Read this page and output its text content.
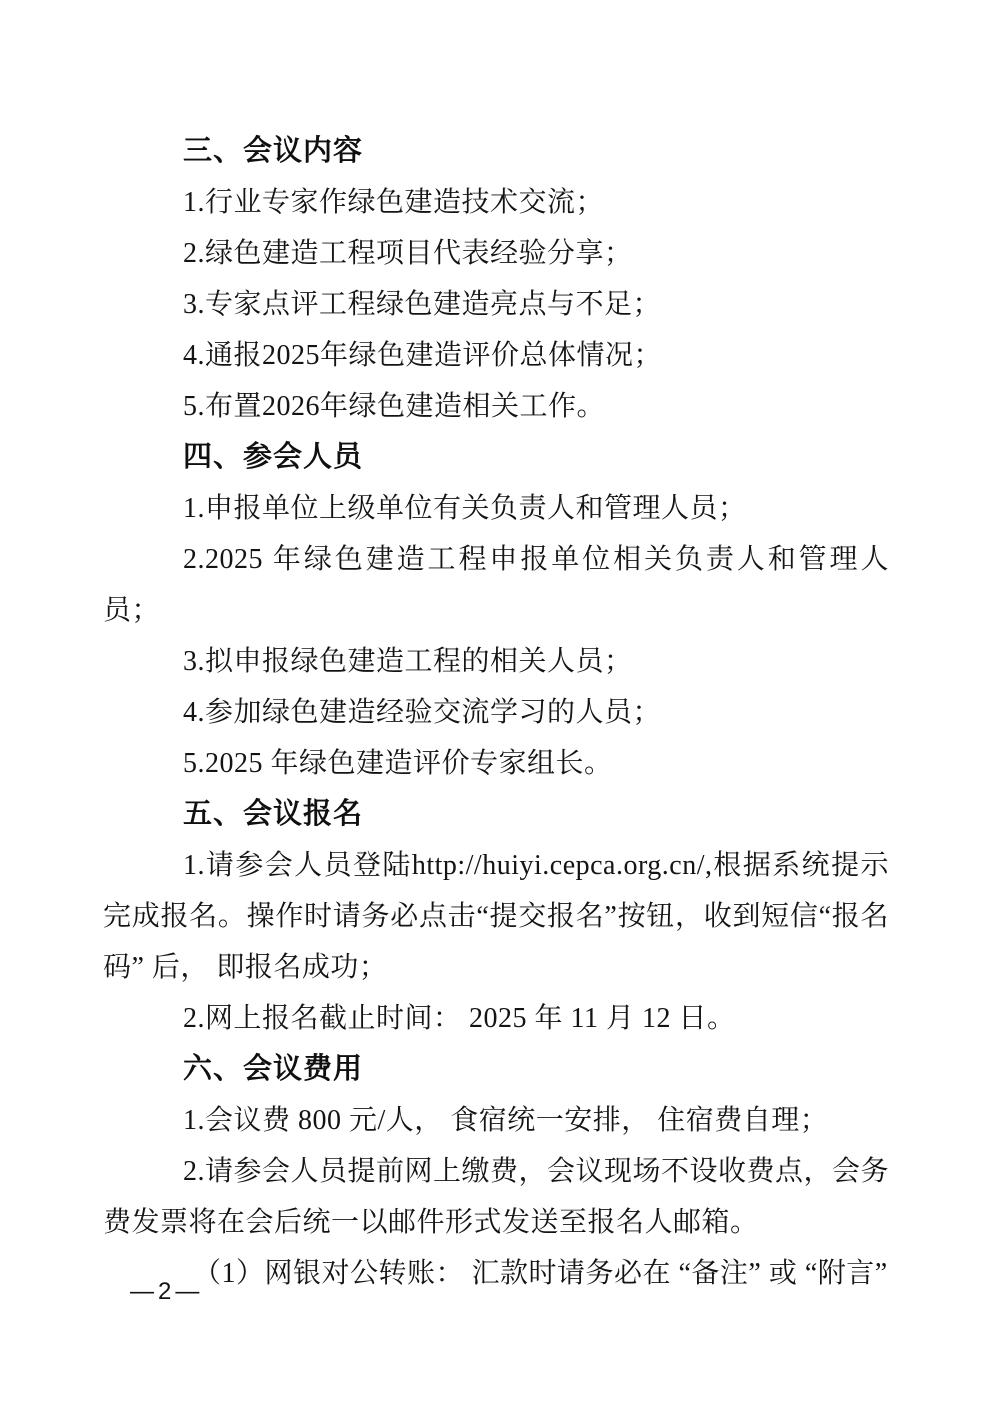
三、会议内容

1.行业专家作绿色建造技术交流；

2.绿色建造工程项目代表经验分享；

3.专家点评工程绿色建造亮点与不足；

4.通报2025年绿色建造评价总体情况；

5.布置2026年绿色建造相关工作。

四、参会人员

1.申报单位上级单位有关负责人和管理人员；

2.2025 年绿色建造工程申报单位相关负责人和管理人员；

3.拟申报绿色建造工程的相关人员；

4.参加绿色建造经验交流学习的人员；

5.2025 年绿色建造评价专家组长。

五、会议报名

1.请参会人员登陆http://huiyi.cepca.org.cn/,根据系统提示完成报名。操作时请务必点击“提交报名”按钮，收到短信“报名码” 后， 即报名成功；

2.网上报名截止时间： 2025 年 11 月 12 日。

六、会议费用

1.会议费 800 元/人， 食宿统一安排， 住宿费自理；

2.请参会人员提前网上缴费，会议现场不设收费点，会务费发票将在会后统一以邮件形式发送至报名人邮箱。

（1）网银对公转账： 汇款时请务必在 “备注” 或 “附言”

—2—
